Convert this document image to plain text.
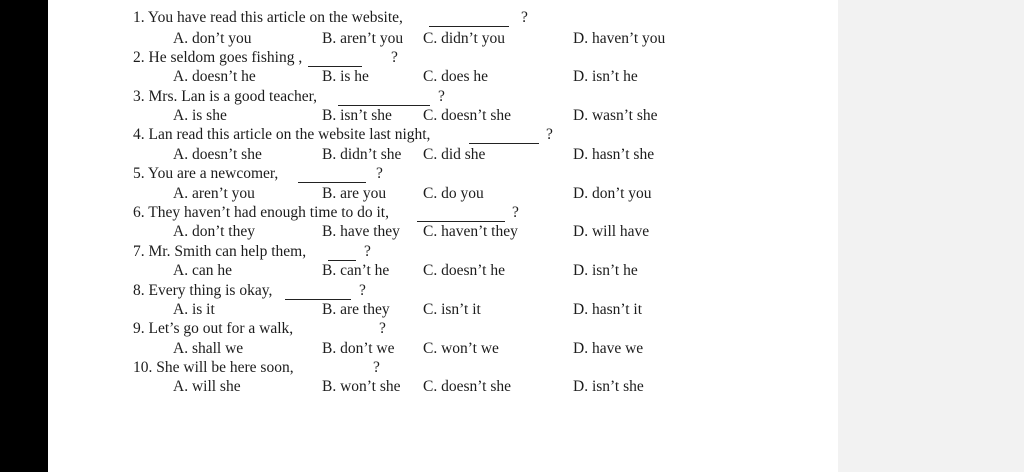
1. You have read this article on the website,	?
A. don’t you	B. aren’t you C. didn’t you	D. haven’t you
2. He seldom goes fishing ,	?
A. doesn’t he	B. is he	C. does he	D. isn’t he
3. Mrs. Lan is a good teacher,	?
A. is she	B. isn’t she C. doesn’t she	D. wasn’t she
4. Lan read this article on the website last night,	?
A. doesn’t she	B. didn’t she C. did she	D. hasn’t she
5. You are a newcomer,	?
A. aren’t you	B. are you C. do you	D. don’t you
6. They haven’t had enough time to do it,	?
A. don’t they	B. have they C. haven’t they	D. will have
7. Mr. Smith can help them,	?
A. can he	B. can’t he C. doesn’t he	D. isn’t he
8. Every thing is okay,	?
A. is it	B. are they C. isn’t it	D. hasn’t it
9. Let’s go out for a walk,	?
A. shall we	B. don’t we C. won’t we	D. have we
10. She will be here soon,	?
A. will she	B. won’t she C. doesn’t she	D. isn’t she
